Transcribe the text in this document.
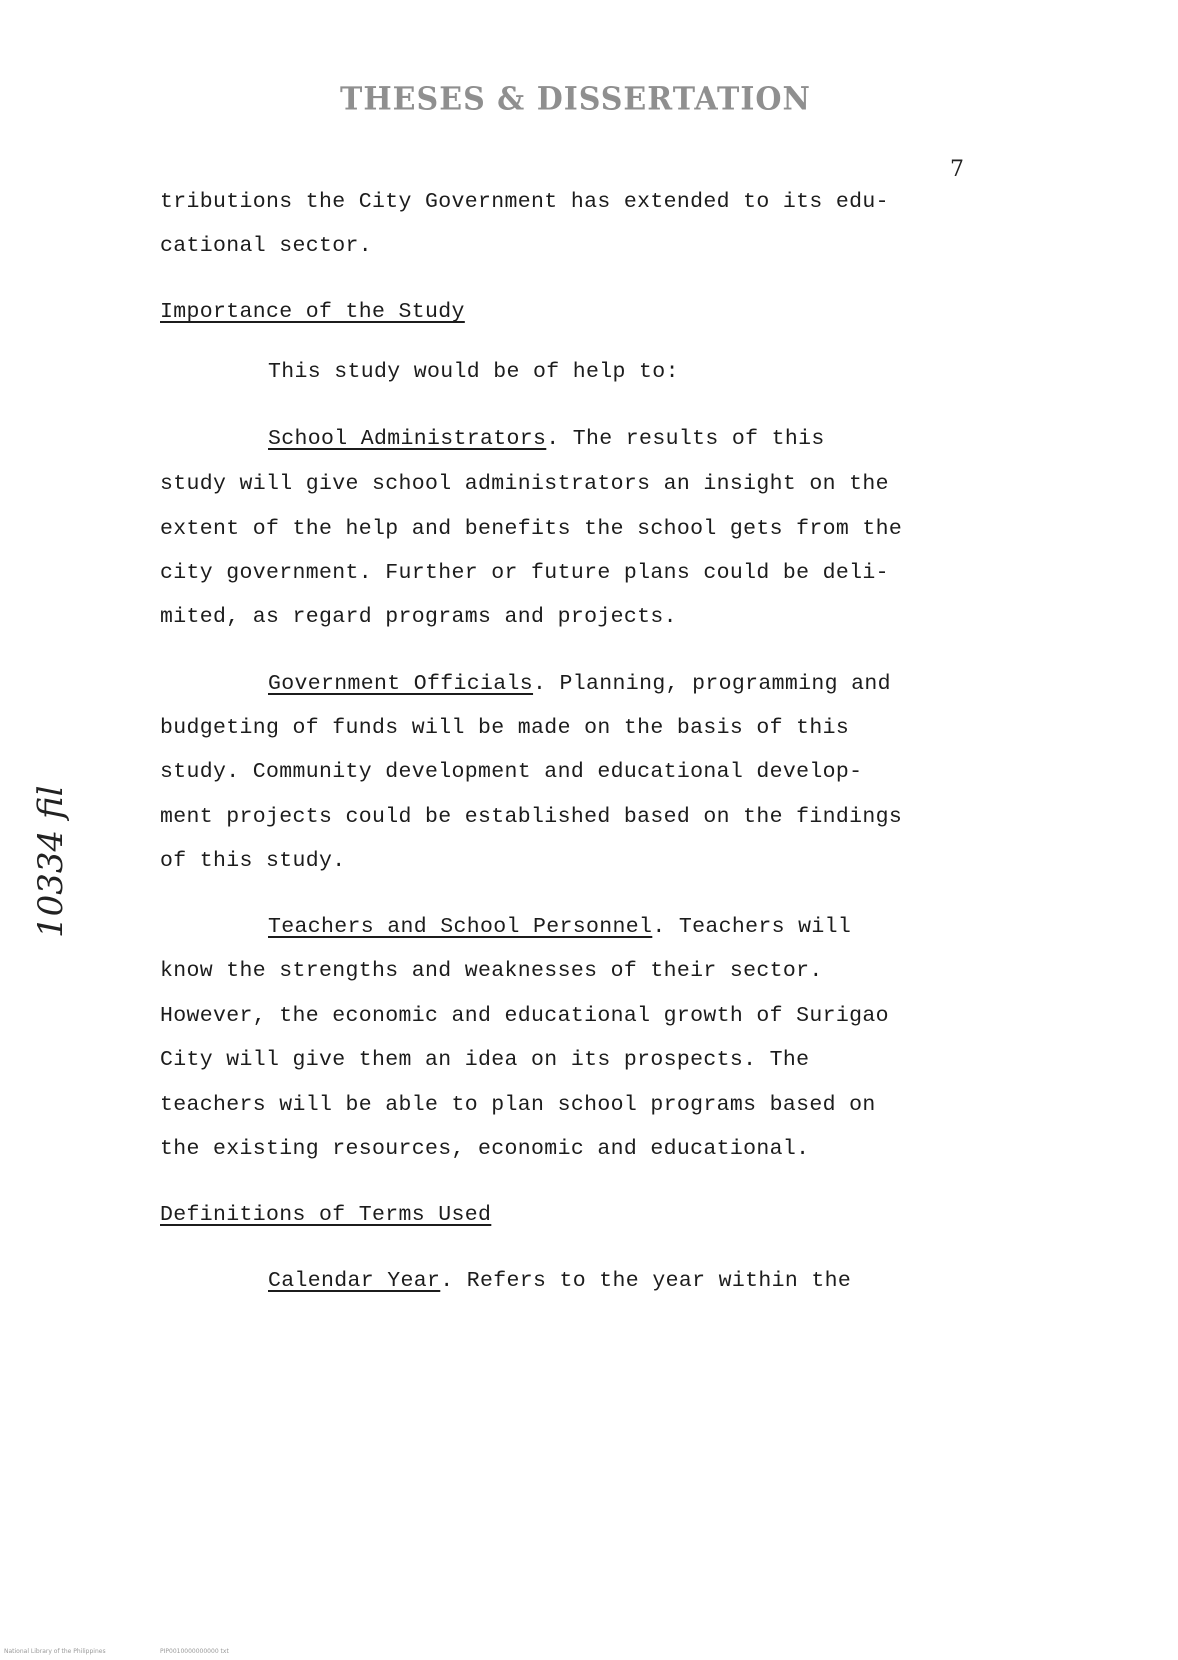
THESES & DISSERTATION
7
tributions the City Government has extended to its edu-
cational sector.
Importance of the Study
This study would be of help to:
School Administrators. The results of this
study will give school administrators an insight on the
extent of the help and benefits the school gets from the
city government. Further or future plans could be deli-
mited, as regard programs and projects.
Government Officials. Planning, programming and
budgeting of funds will be made on the basis of this
study. Community development and educational develop-
ment projects could be established based on the findings
of this study.
Teachers and School Personnel. Teachers will
know the strengths and weaknesses of their sector.
However, the economic and educational growth of Surigao
City will give them an idea on its prospects. The
teachers will be able to plan school programs based on
the existing resources, economic and educational.
Definitions of Terms Used
Calendar Year. Refers to the year within the
10334 fil
National Library of the Philippines	PIP0010000000000 txt
